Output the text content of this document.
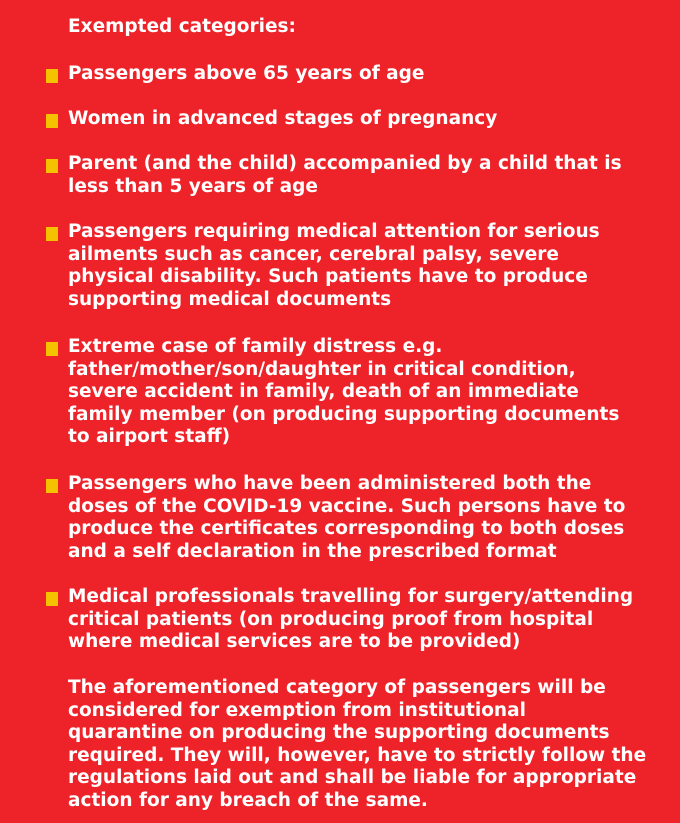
Exempted categories:
Passengers above 65 years of age
Women in advanced stages of pregnancy
Parent (and the child) accompanied by a child that is
less than 5 years of age
Passengers requiring medical attention for serious
ailments such as cancer, cerebral palsy, severe
physical disability. Such patients have to produce
supporting medical documents
Extreme case of family distress e.g.
father/mother/son/daughter in critical condition,
severe accident in family, death of an immediate
family member (on producing supporting documents
to airport staff)
Passengers who have been administered both the
doses of the COVID-19 vaccine. Such persons have to
produce the certificates corresponding to both doses
and a self declaration in the prescribed format
Medical professionals travelling for surgery/attending
critical patients (on producing proof from hospital
where medical services are to be provided)

The aforementioned category of passengers will be
considered for exemption from institutional
quarantine on producing the supporting documents
required. They will, however, have to strictly follow the
regulations laid out and shall be liable for appropriate
action for any breach of the same.
